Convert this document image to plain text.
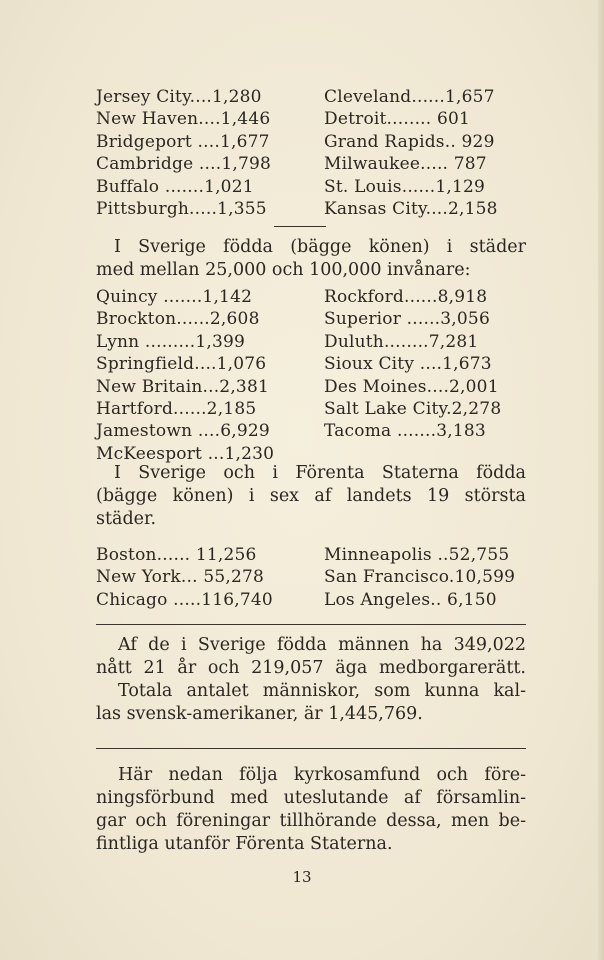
Jersey City....1,280
New Haven....1,446
Bridgeport ....1,677
Cambridge ....1,798
Buffalo .......1,021
Pittsburgh.....1,355
Cleveland......1,657
Detroit........ 601
Grand Rapids.. 929
Milwaukee..... 787
St. Louis......1,129
Kansas City....2,158
I Sverige födda (bägge könen) i städer
med mellan 25,000 och 100,000 invånare:
Quincy .......1,142
Brockton......2,608
Lynn .........1,399
Springfield....1,076
New Britain...2,381
Hartford......2,185
Jamestown ....6,929
McKeesport ...1,230
Rockford......8,918
Superior ......3,056
Duluth........7,281
Sioux City ....1,673
Des Moines....2,001
Salt Lake City.2,278
Tacoma .......3,183
I Sverige och i Förenta Staterna födda
(bägge könen) i sex af landets 19 största
städer.
Boston...... 11,256
New York... 55,278
Chicago .....116,740
Minneapolis ..52,755
San Francisco.10,599
Los Angeles.. 6,150
Af de i Sverige födda männen ha 349,022
nått 21 år och 219,057 äga medborgarerätt.
Totala antalet människor, som kunna kal-
las svensk-amerikaner, är 1,445,769.
Här nedan följa kyrkosamfund och före-
ningsförbund med uteslutande af församlin-
gar och föreningar tillhörande dessa, men be-
fintliga utanför Förenta Staterna.
13
